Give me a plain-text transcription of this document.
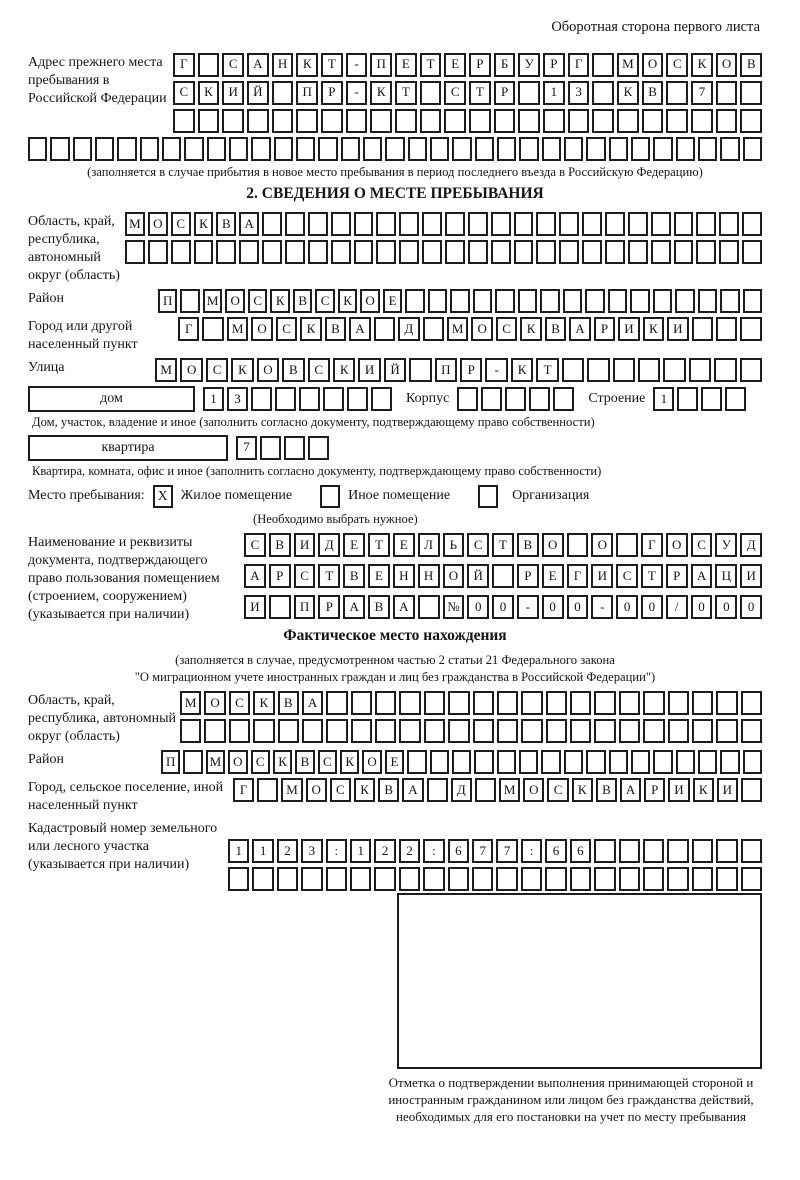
Оборотная сторона первого листа
Адрес прежнего места пребывания в Российской Федерации
Г	С	А	Н	К	Т	-	П	Е	Т	Е	Р	Б	У	Р	Г	М	О	С	К	О	В
С	К	И	Й	П	Р	-	К	Т	С	Т	Р	1	3	К	В	7
(заполняется в случае прибытия в новое место пребывания в период последнего въезда в Российскую Федерацию)
2. СВЕДЕНИЯ О МЕСТЕ ПРЕБЫВАНИЯ
Область, край, республика, автономный округ (область)
М О	С	К	В	А
Район	П	М О	С	К	В	С	К	О	Е
Город или другой населенный пункт
Г	М	О	С	К	В	А	Д	М	О	С	К	В	А	Р	И	К	И
Улица	М	О	С	К	О	В	С	К	И	Й	П	Р	-	К	Т
дом	1	3	Корпус	Строение	1
Дом, участок, владение и иное (заполнить согласно документу, подтверждающему право собственности)
квартира	7
Квартира, комната, офис и иное (заполнить согласно документу, подтверждающему право собственности)
Место пребывания: X Жилое помещение	Иное помещение	Организация
(Необходимо выбрать нужное)
Наименование и реквизиты документа, подтверждающего право пользования помещением (строением, сооружением) (указывается при наличии)
С	В	И	Д	Е	Т	Е	Л	Ь	С	Т	В	О	О	Г	О	С	У	Д
А	Р	С	Т	В	Е	Н	Н	О	Й	Р	Е	Г	И	С	Т	Р	А	Ц	И
И	П	Р	А	В	А	№	0	0	-	0	0	-	0	0	/	0	0	0
Фактическое место нахождения
(заполняется в случае, предусмотренном частью 2 статьи 21 Федерального закона
"О миграционном учете иностранных граждан и лиц без гражданства в Российской Федерации")
Область, край, республика, автономный округ (область)
М	О	С	К	В	А
Район	П	М О	С	К	В	С	К	О	Е
Город, сельское поселение, иной населенный пункт
Г	М	О	С	К	В	А	Д	М	О	С	К	В	А	Р	И	К	И
Кадастровый номер земельного или лесного участка (указывается при наличии)
1	1	2	3	:	1	2	2	:	6	7	7	:	6	6
Отметка о подтверждении выполнения принимающей стороной и иностранным гражданином или лицом без гражданства действий, необходимых для его постановки на учет по месту пребывания
